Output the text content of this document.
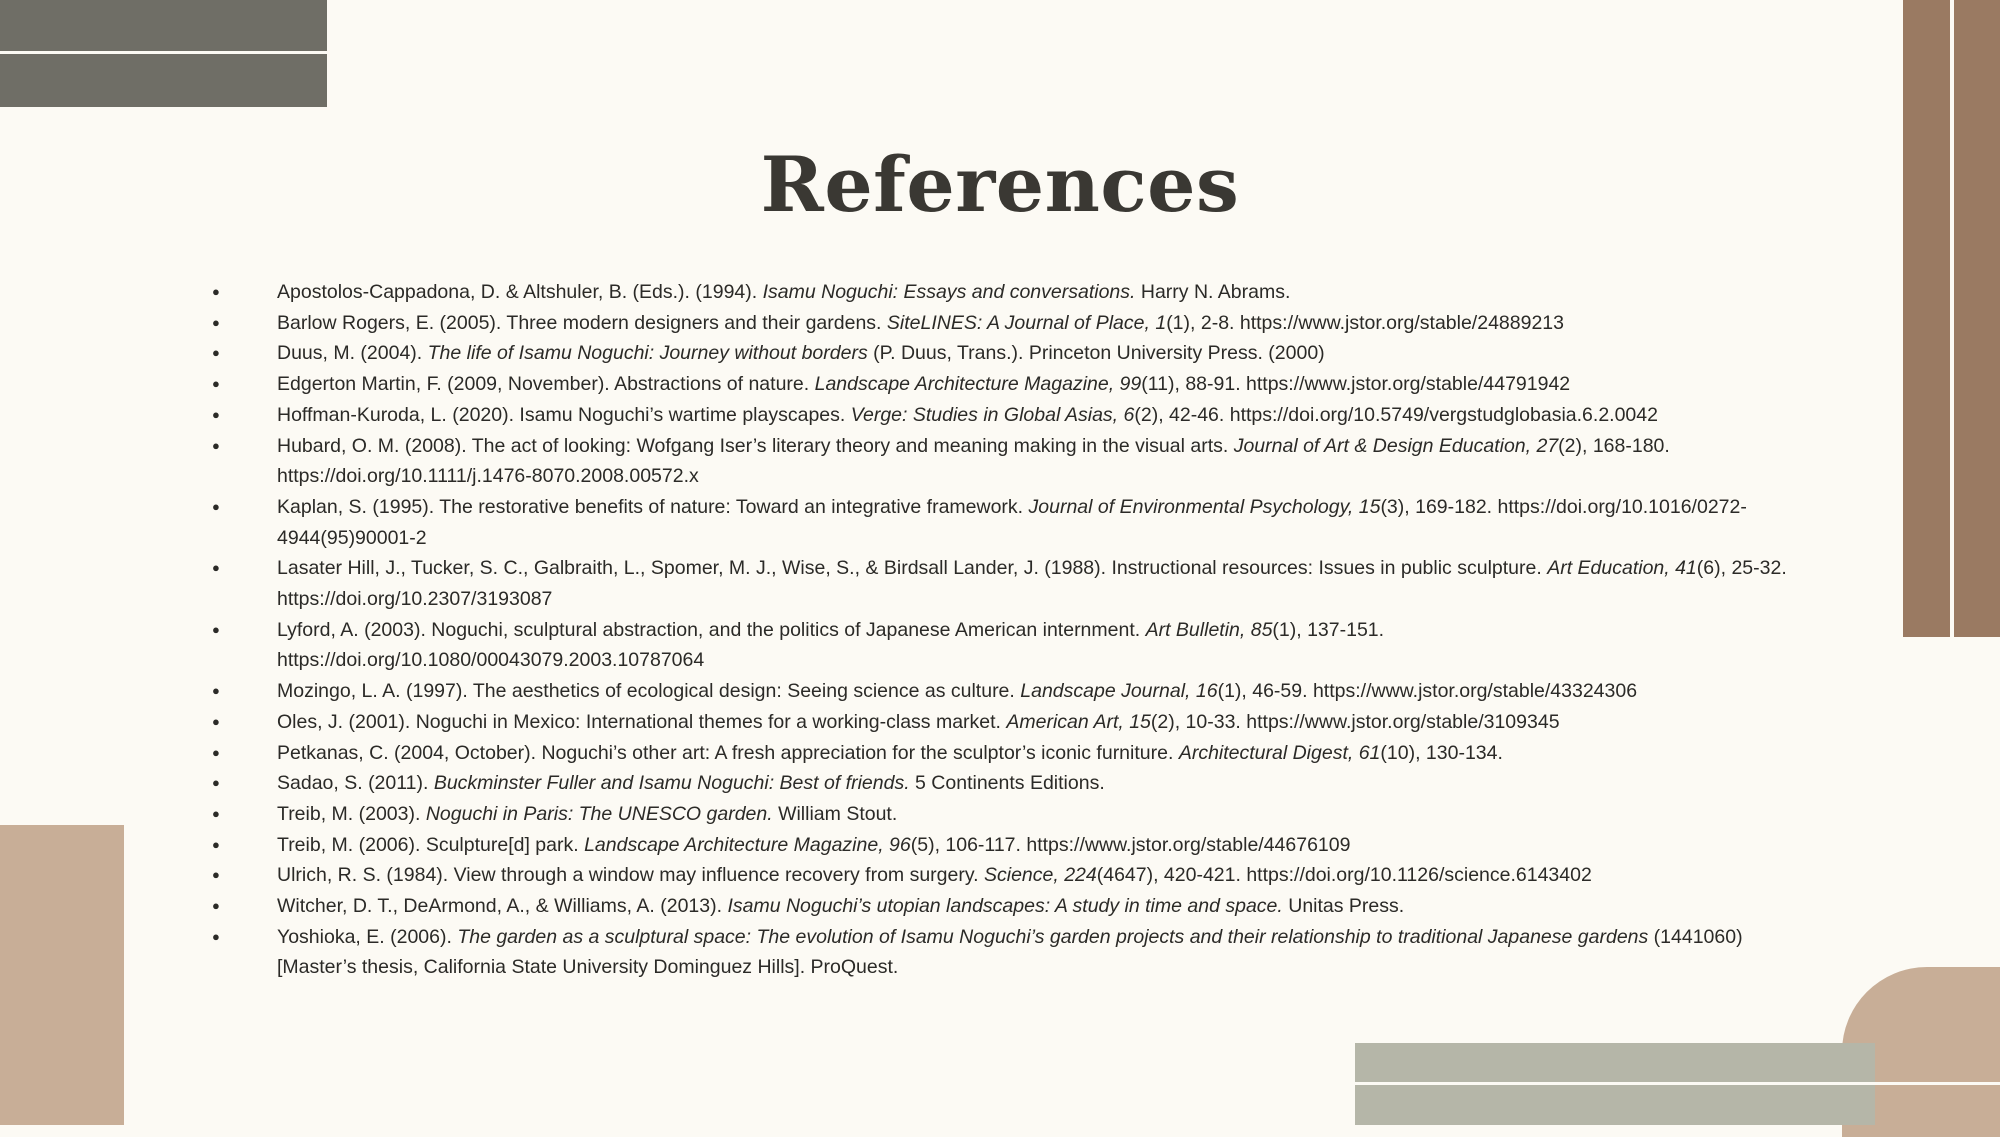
References
● Apostolos-Cappadona, D. & Altshuler, B. (Eds.). (1994). Isamu Noguchi: Essays and conversations. Harry N. Abrams.
● Barlow Rogers, E. (2005). Three modern designers and their gardens. SiteLINES: A Journal of Place, 1(1), 2-8. https://www.jstor.org/stable/24889213
● Duus, M. (2004). The life of Isamu Noguchi: Journey without borders (P. Duus, Trans.). Princeton University Press. (2000)
● Edgerton Martin, F. (2009, November). Abstractions of nature. Landscape Architecture Magazine, 99(11), 88-91. https://www.jstor.org/stable/44791942
● Hoffman-Kuroda, L. (2020). Isamu Noguchi’s wartime playscapes. Verge: Studies in Global Asias, 6(2), 42-46. https://doi.org/10.5749/vergstudglobasia.6.2.0042
● Hubard, O. M. (2008). The act of looking: Wofgang Iser’s literary theory and meaning making in the visual arts. Journal of Art & Design Education, 27(2), 168-180. https://doi.org/10.1111/j.1476-8070.2008.00572.x
● Kaplan, S. (1995). The restorative benefits of nature: Toward an integrative framework. Journal of Environmental Psychology, 15(3), 169-182. https://doi.org/10.1016/0272-4944(95)90001-2
● Lasater Hill, J., Tucker, S. C., Galbraith, L., Spomer, M. J., Wise, S., & Birdsall Lander, J. (1988). Instructional resources: Issues in public sculpture. Art Education, 41(6), 25-32. https://doi.org/10.2307/3193087
● Lyford, A. (2003). Noguchi, sculptural abstraction, and the politics of Japanese American internment. Art Bulletin, 85(1), 137-151. https://doi.org/10.1080/00043079.2003.10787064
● Mozingo, L. A. (1997). The aesthetics of ecological design: Seeing science as culture. Landscape Journal, 16(1), 46-59. https://www.jstor.org/stable/43324306
● Oles, J. (2001). Noguchi in Mexico: International themes for a working-class market. American Art, 15(2), 10-33. https://www.jstor.org/stable/3109345
● Petkanas, C. (2004, October). Noguchi’s other art: A fresh appreciation for the sculptor’s iconic furniture. Architectural Digest, 61(10), 130-134.
● Sadao, S. (2011). Buckminster Fuller and Isamu Noguchi: Best of friends. 5 Continents Editions.
● Treib, M. (2003). Noguchi in Paris: The UNESCO garden. William Stout.
● Treib, M. (2006). Sculpture[d] park. Landscape Architecture Magazine, 96(5), 106-117. https://www.jstor.org/stable/44676109
● Ulrich, R. S. (1984). View through a window may influence recovery from surgery. Science, 224(4647), 420-421. https://doi.org/10.1126/science.6143402
● Witcher, D. T., DeArmond, A., & Williams, A. (2013). Isamu Noguchi’s utopian landscapes: A study in time and space. Unitas Press.
● Yoshioka, E. (2006). The garden as a sculptural space: The evolution of Isamu Noguchi’s garden projects and their relationship to traditional Japanese gardens (1441060) [Master’s thesis, California State University Dominguez Hills]. ProQuest.
